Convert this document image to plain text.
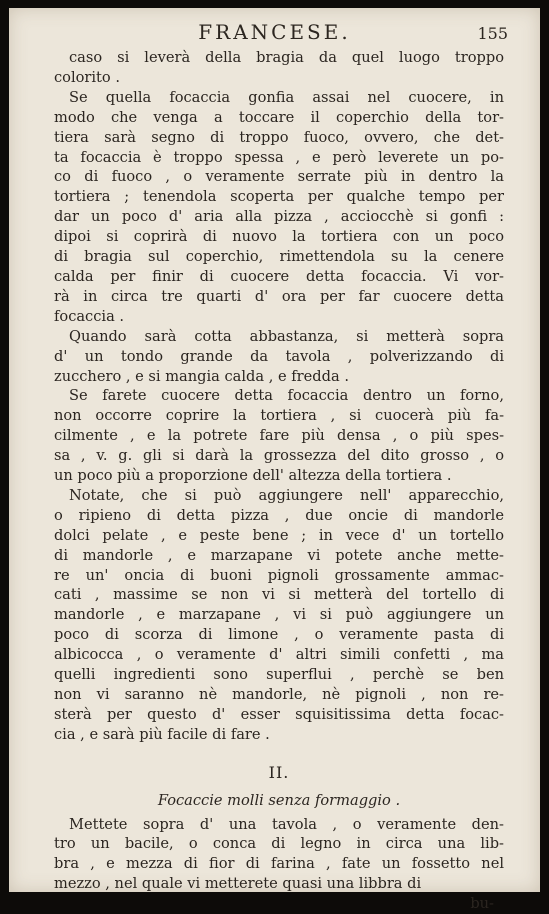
FRANCESE.	155
caso si leverà della bragia da quel luogo troppo
colorito .
Se quella focaccia gonfia assai nel cuocere, in
modo che venga a toccare il coperchio della tor-
tiera sarà segno di troppo fuoco, ovvero, che det-
ta focaccia è troppo spessa , e però leverete un po-
co di fuoco , o veramente serrate più in dentro la
tortiera ; tenendola scoperta per qualche tempo per
dar un poco d' aria alla pizza , acciocchè si gonfi :
dipoi si coprirà di nuovo la tortiera con un poco
di bragia sul coperchio, rimettendola su la cenere
calda per finir di cuocere detta focaccia. Vi vor-
rà in circa tre quarti d' ora per far cuocere detta
focaccia .
Quando sarà cotta abbastanza, si metterà sopra
d' un tondo grande da tavola , polverizzando di
zucchero , e si mangia calda , e fredda .
Se farete cuocere detta focaccia dentro un forno,
non occorre coprire la tortiera , si cuocerà più fa-
cilmente , e la potrete fare più densa , o più spes-
sa , v. g. gli si darà la grossezza del dito grosso , o
un poco più a proporzione dell' altezza della tortiera .
Notate, che si può aggiungere nell' apparecchio,
o ripieno di detta pizza , due oncie di mandorle
dolci pelate , e peste bene ; in vece d' un tortello
di mandorle , e marzapane vi potete anche mette-
re un' oncia di buoni pignoli grossamente ammac-
cati , massime se non vi si metterà del tortello di
mandorle , e marzapane , vi si può aggiungere un
poco di scorza di limone , o veramente pasta di
albicocca , o veramente d' altri simili confetti , ma
quelli ingredienti sono superflui , perchè se ben
non vi saranno nè mandorle, nè pignoli , non re-
sterà per questo d' esser squisitissima detta focac-
cia , e sarà più facile di fare .
II.
Focaccie molli senza formaggio .
Mettete sopra d' una tavola , o veramente den-
tro un bacile, o conca di legno in circa una lib-
bra , e mezza di fior di farina , fate un fossetto nel
mezzo , nel quale vi metterete quasi una libbra di
bu-
